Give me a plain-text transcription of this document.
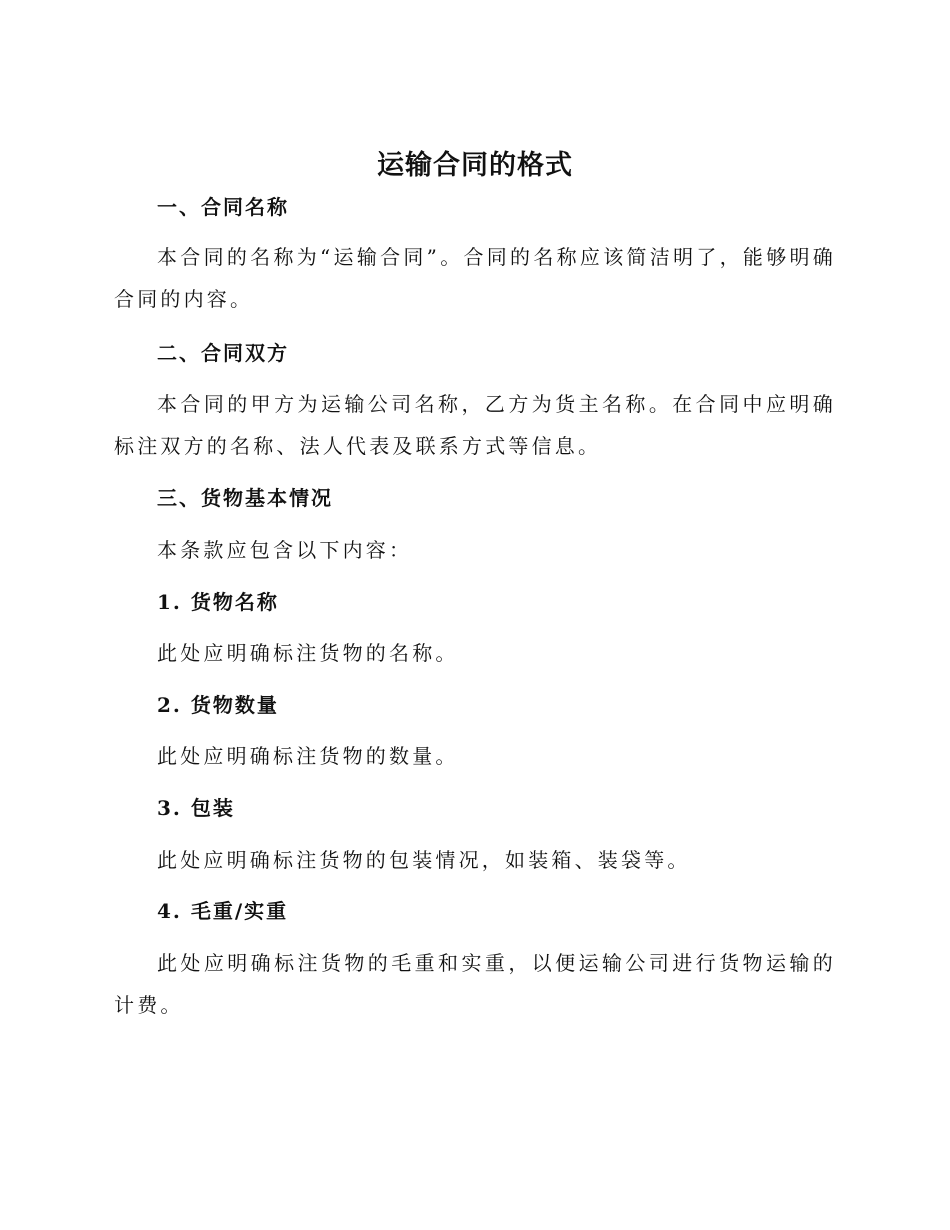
运输合同的格式
一、合同名称
本合同的名称为“运输合同”。合同的名称应该简洁明了，能够明确合同的内容。
二、合同双方
本合同的甲方为运输公司名称，乙方为货主名称。在合同中应明确标注双方的名称、法人代表及联系方式等信息。
三、货物基本情况
本条款应包含以下内容：
1. 货物名称
此处应明确标注货物的名称。
2. 货物数量
此处应明确标注货物的数量。
3. 包装
此处应明确标注货物的包装情况，如装箱、装袋等。
4. 毛重/实重
此处应明确标注货物的毛重和实重，以便运输公司进行货物运输的计费。
